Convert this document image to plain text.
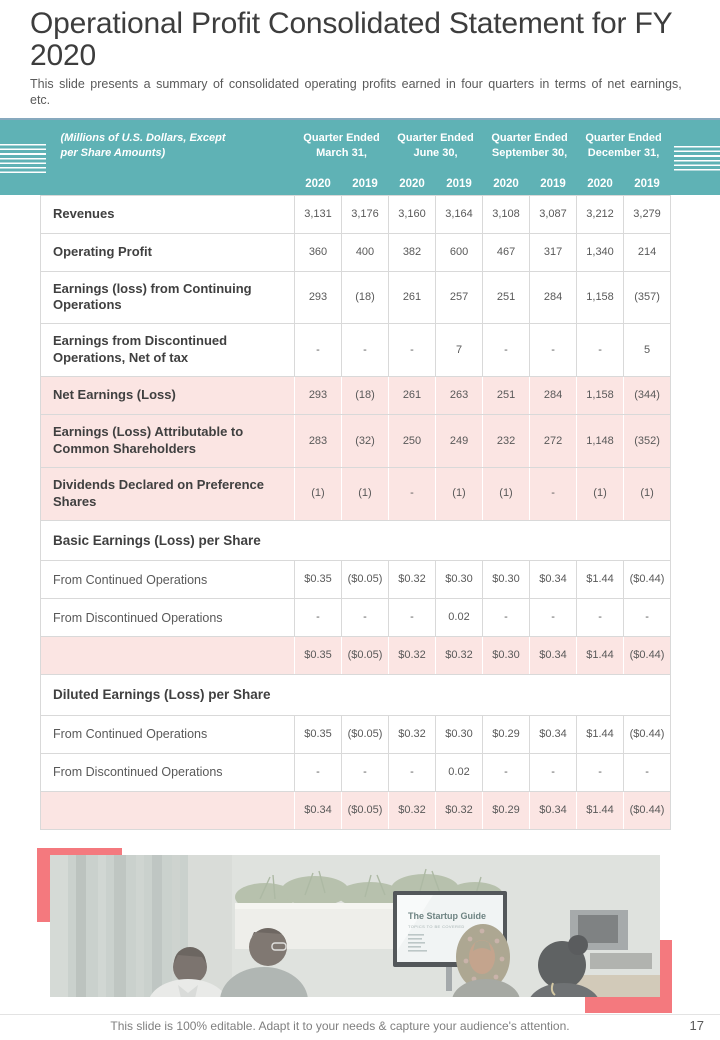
Operational Profit Consolidated Statement for FY 2020

This slide presents a summary of consolidated operating profits earned in four quarters in terms of net earnings, etc.

(Millions of U.S. Dollars, Except per Share Amounts)	Quarter Ended March 31,		Quarter Ended June 30,		Quarter Ended September 30,		Quarter Ended December 31,	
	2020	2019	2020	2019	2020	2019	2020	2019
Revenues	3,131	3,176	3,160	3,164	3,108	3,087	3,212	3,279
Operating Profit	360	400	382	600	467	317	1,340	214
Earnings (loss) from Continuing Operations	293	(18)	261	257	251	284	1,158	(357)
Earnings from Discontinued Operations, Net of tax	-	-	-	7	-	-	-	5
Net Earnings (Loss)	293	(18)	261	263	251	284	1,158	(344)
Earnings (Loss) Attributable to Common Shareholders	283	(32)	250	249	232	272	1,148	(352)
Dividends Declared on Preference Shares	(1)	(1)	-	(1)	(1)	-	(1)	(1)
Basic Earnings (Loss) per Share								
From Continued Operations	$0.35	($0.05)	$0.32	$0.30	$0.30	$0.34	$1.44	($0.44)
From Discontinued Operations	-	-	-	0.02	-	-	-	-
	$0.35	($0.05)	$0.32	$0.32	$0.30	$0.34	$1.44	($0.44)
Diluted Earnings (Loss) per Share								
From Continued Operations	$0.35	($0.05)	$0.32	$0.30	$0.29	$0.34	$1.44	($0.44)
From Discontinued Operations	-	-	-	0.02	-	-	-	-
	$0.34	($0.05)	$0.32	$0.32	$0.29	$0.34	$1.44	($0.44)
The Startup Guide
TOPICS TO BE COVERED
This slide is 100% editable. Adapt it to your needs & capture your audience's attention.	17
